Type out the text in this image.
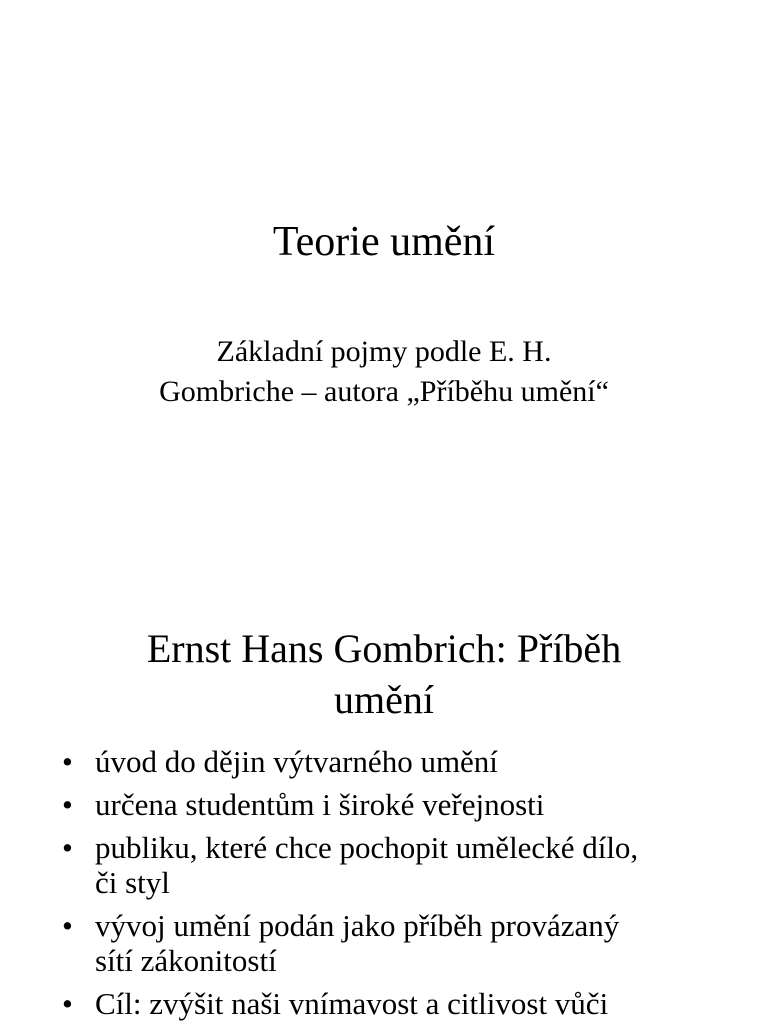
Teorie umění
Základní pojmy podle E. H.
Gombriche – autora „Příběhu umění“
Ernst Hans Gombrich: Příběh
umění
• úvod do dějin výtvarného umění
• určena studentům i široké veřejnosti
• publiku, které chce pochopit umělecké dílo,
či styl
• vývoj umění podán jako příběh provázaný
sítí zákonitostí
• Cíl: zvýšit naši vnímavost a citlivost vůči
